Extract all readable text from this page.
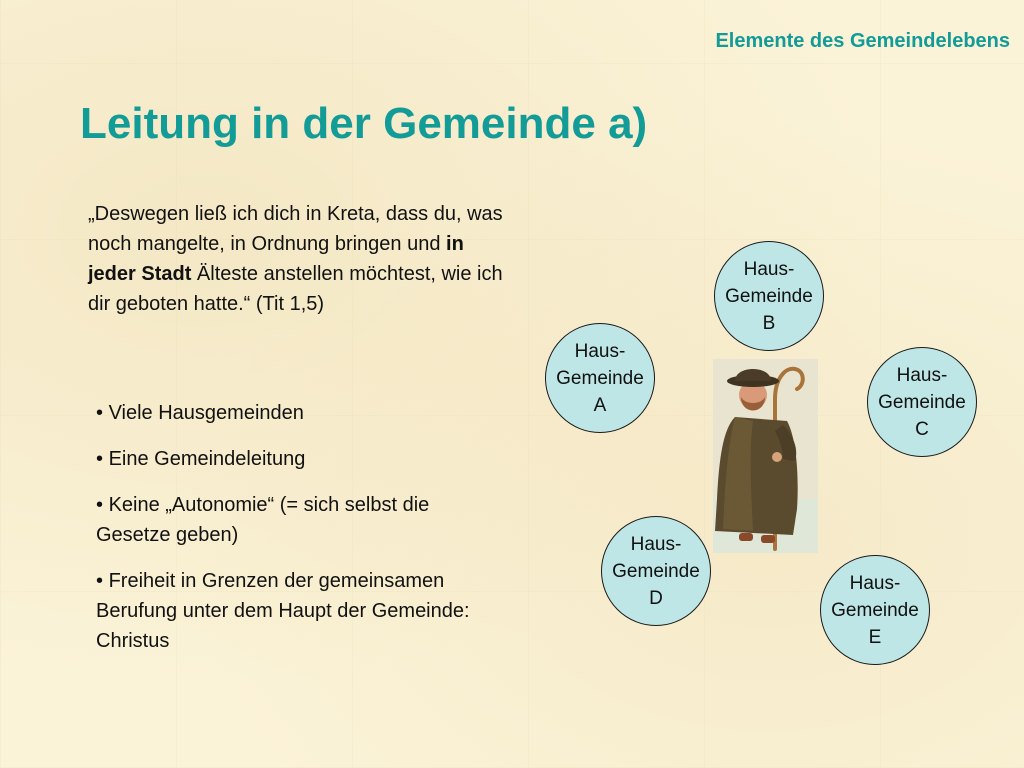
Elemente des Gemeindelebens
Leitung in der Gemeinde a)

„Deswegen ließ ich dich in Kreta, dass du, was noch mangelte, in Ordnung bringen und in jeder Stadt Älteste anstellen möchtest, wie ich dir geboten hatte.“ (Tit 1,5)

• Viele Hausgemeinden
• Eine Gemeindeleitung
• Keine „Autonomie“ (= sich selbst die Gesetze geben)
• Freiheit in Grenzen der gemeinsamen Berufung unter dem Haupt der Gemeinde: Christus
Haus-
Gemeinde
A
Haus-
Gemeinde
B
Haus-
Gemeinde
C
Haus-
Gemeinde
D
Haus-
Gemeinde
E
